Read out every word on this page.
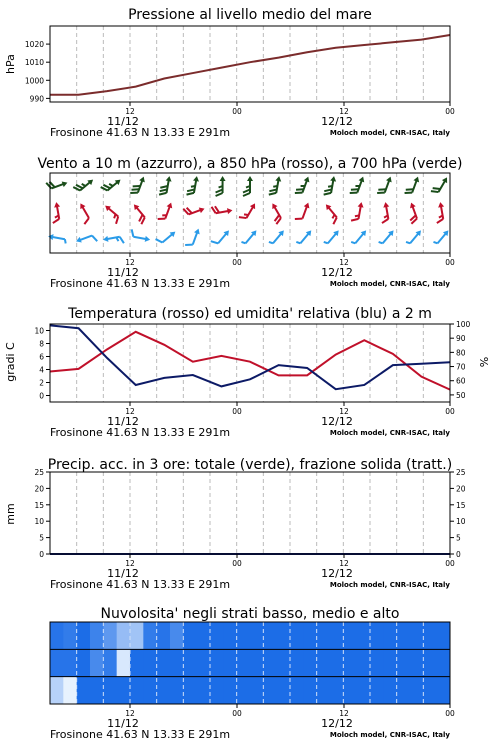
Pressione al livello medio del mare
hPa
990
1000
1010
1020
12	00	12	00
11/12	12/12
Frosinone 41.63 N 13.33 E 291m	Moloch model, CNR-ISAC, Italy
Vento a 10 m (azzurro), a 850 hPa (rosso), a 700 hPa (verde)
12	00	12	00
11/12	12/12
Frosinone 41.63 N 13.33 E 291m	Moloch model, CNR-ISAC, Italy
Temperatura (rosso) ed umidita' relativa (blu) a 2 m
gradi C	%
0
2
4
6
8
10
50
60
70
80
90
100
12	00	12	00
11/12	12/12
Frosinone 41.63 N 13.33 E 291m	Moloch model, CNR-ISAC, Italy
Precip. acc. in 3 ore: totale (verde), frazione solida (tratt.)
mm
0
5
10
15
20
25
0
5
10
15
20
25
12	00	12	00
11/12	12/12
Frosinone 41.63 N 13.33 E 291m	Moloch model, CNR-ISAC, Italy
Nuvolosita' negli strati basso, medio e alto
12	00	12	00
11/12	12/12
Frosinone 41.63 N 13.33 E 291m	Moloch model, CNR-ISAC, Italy
